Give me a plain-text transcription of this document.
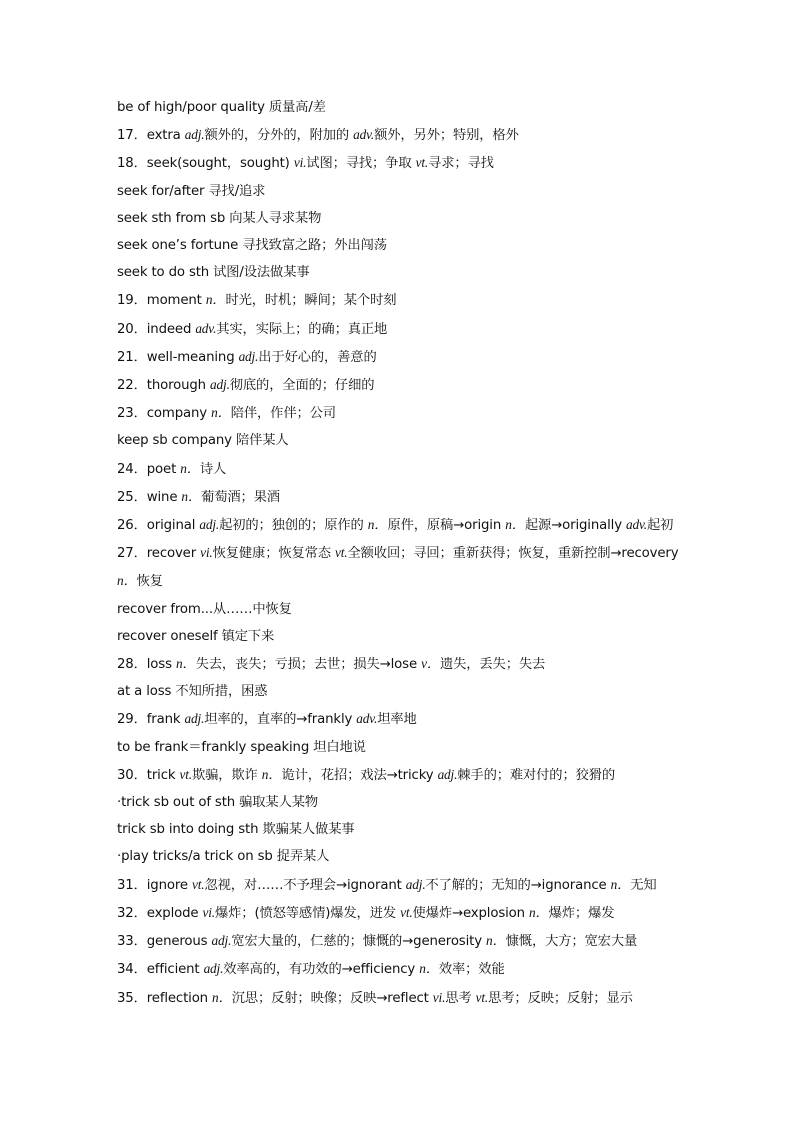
be of high/poor quality 质量高/差
17．extra adj.额外的，分外的，附加的 adv.额外，另外；特别，格外
18．seek(sought，sought) vi.试图；寻找；争取 vt.寻求；寻找
seek for/after 寻找/追求
seek sth from sb 向某人寻求某物
seek one’s fortune 寻找致富之路；外出闯荡
seek to do sth 试图/设法做某事
19．moment n．时光，时机；瞬间；某个时刻
20．indeed adv.其实，实际上；的确；真正地
21．well-meaning adj.出于好心的，善意的
22．thorough adj.彻底的，全面的；仔细的
23．company n．陪伴，作伴；公司
keep sb company 陪伴某人
24．poet n．诗人
25．wine n．葡萄酒；果酒
26．original adj.起初的；独创的；原作的 n．原件，原稿→origin n．起源→originally adv.起初
27．recover vi.恢复健康；恢复常态 vt.全额收回；寻回；重新获得；恢复，重新控制→recovery n．恢复
recover from...从……中恢复
recover oneself 镇定下来
28．loss n．失去，丧失；亏损；去世；损失→lose v．遗失，丢失；失去
at a loss 不知所措，困惑
29．frank adj.坦率的，直率的→frankly adv.坦率地
to be frank＝frankly speaking 坦白地说
30．trick vt.欺骗，欺诈 n．诡计，花招；戏法→tricky adj.棘手的；难对付的；狡猾的
·trick sb out of sth 骗取某人某物
trick sb into doing sth 欺骗某人做某事
·play tricks/a trick on sb 捉弄某人
31．ignore vt.忽视，对……不予理会→ignorant adj.不了解的；无知的→ignorance n．无知
32．explode vi.爆炸；(愤怒等感情)爆发，迸发 vt.使爆炸→explosion n．爆炸；爆发
33．generous adj.宽宏大量的，仁慈的；慷慨的→generosity n．慷慨，大方；宽宏大量
34．efficient adj.效率高的，有功效的→efficiency n．效率；效能
35．reflection n．沉思；反射；映像；反映→reflect vi.思考 vt.思考；反映；反射；显示
